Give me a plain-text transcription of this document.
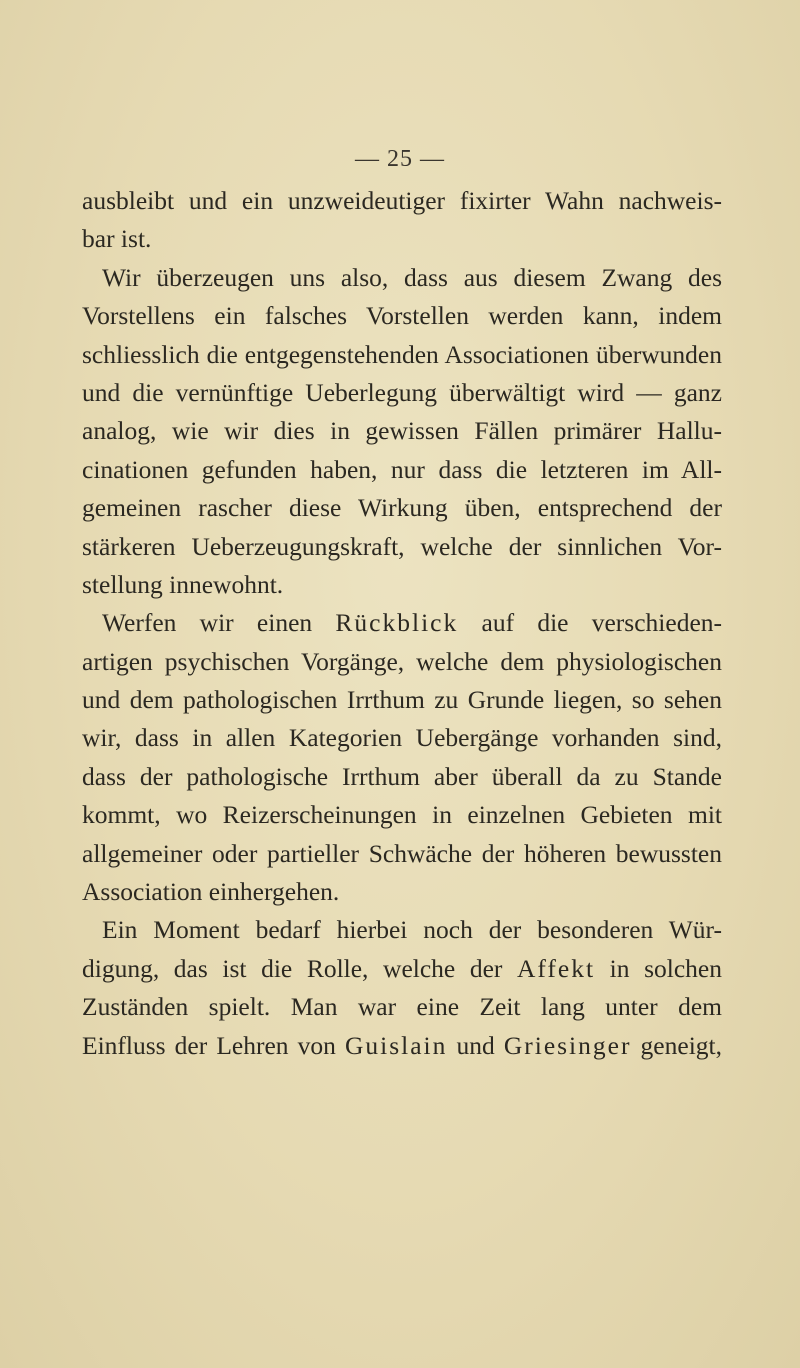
— 25 —
ausbleibt und ein unzweideutiger fixirter Wahn nachweis-
bar ist.
Wir überzeugen uns also, dass aus diesem Zwang des
Vorstellens ein falsches Vorstellen werden kann, indem
schliesslich die entgegenstehenden Associationen überwunden
und die vernünftige Ueberlegung überwältigt wird — ganz
analog, wie wir dies in gewissen Fällen primärer Hallu-
cinationen gefunden haben, nur dass die letzteren im All-
gemeinen rascher diese Wirkung üben, entsprechend der
stärkeren Ueberzeugungskraft, welche der sinnlichen Vor-
stellung innewohnt.
Werfen wir einen Rückblick auf die verschieden-
artigen psychischen Vorgänge, welche dem physiologischen
und dem pathologischen Irrthum zu Grunde liegen, so sehen
wir, dass in allen Kategorien Uebergänge vorhanden sind,
dass der pathologische Irrthum aber überall da zu Stande
kommt, wo Reizerscheinungen in einzelnen Gebieten mit
allgemeiner oder partieller Schwäche der höheren bewussten
Association einhergehen.
Ein Moment bedarf hierbei noch der besonderen Wür-
digung, das ist die Rolle, welche der Affekt in solchen
Zuständen spielt. Man war eine Zeit lang unter dem
Einfluss der Lehren von Guislain und Griesinger geneigt,
